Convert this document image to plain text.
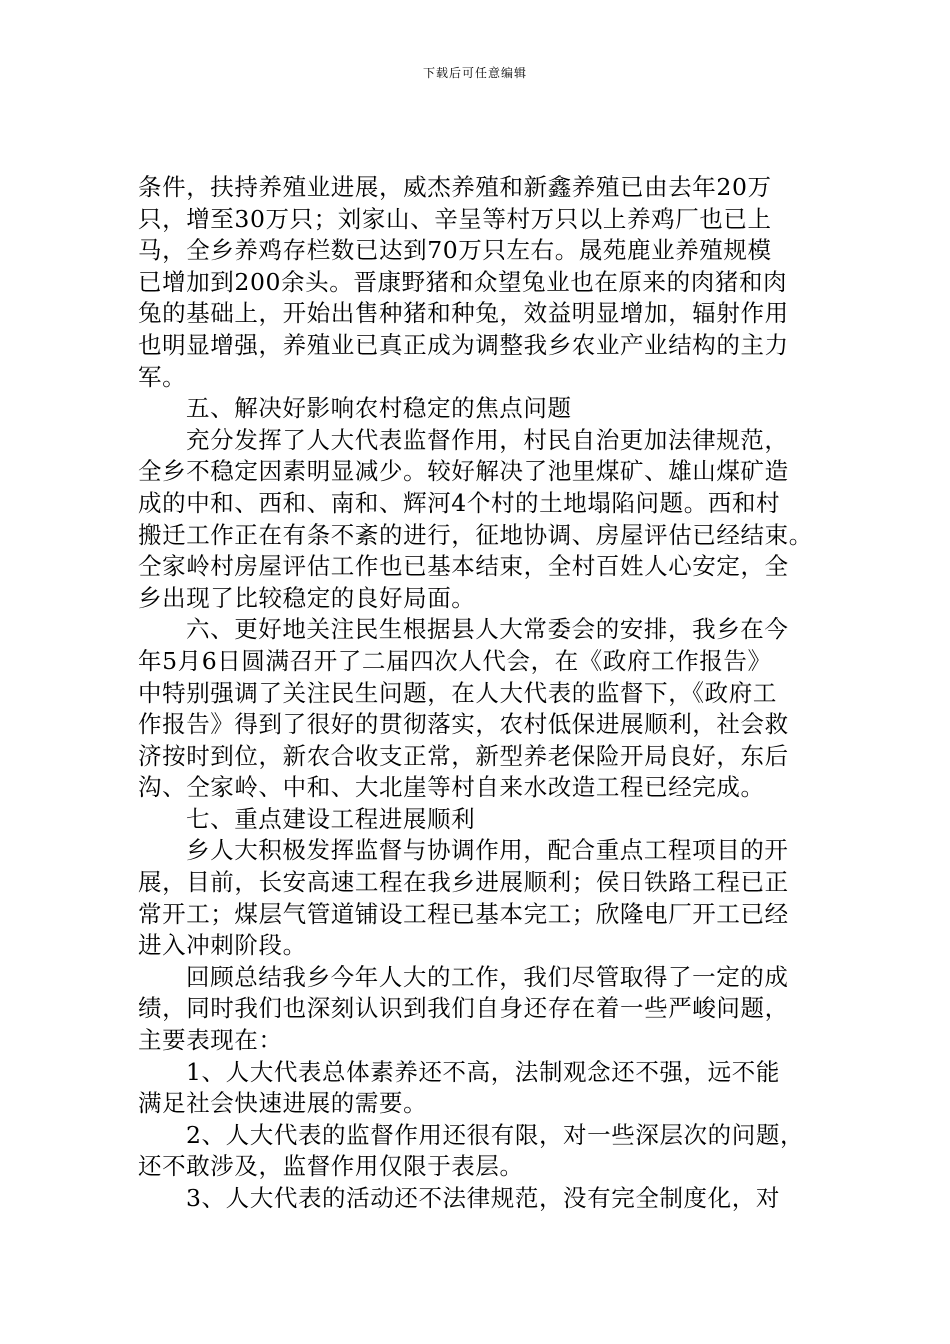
下载后可任意编辑
条件，扶持养殖业进展，威杰养殖和新鑫养殖已由去年20万
只，增至30万只；刘家山、辛呈等村万只以上养鸡厂也已上
马，全乡养鸡存栏数已达到70万只左右。晟苑鹿业养殖规模
已增加到200余头。晋康野猪和众望兔业也在原来的肉猪和肉
兔的基础上，开始出售种猪和种兔，效益明显增加，辐射作用
也明显增强，养殖业已真正成为调整我乡农业产业结构的主力
军。
五、解决好影响农村稳定的焦点问题
充分发挥了人大代表监督作用，村民自治更加法律规范，
全乡不稳定因素明显减少。较好解决了池里煤矿、雄山煤矿造
成的中和、西和、南和、辉河4个村的土地塌陷问题。西和村
搬迁工作正在有条不紊的进行，征地协调、房屋评估已经结束。
仝家岭村房屋评估工作也已基本结束，全村百姓人心安定，全
乡出现了比较稳定的良好局面。
六、更好地关注民生根据县人大常委会的安排，我乡在今
年5月6日圆满召开了二届四次人代会，在《政府工作报告》
中特别强调了关注民生问题，在人大代表的监督下，《政府工
作报告》得到了很好的贯彻落实，农村低保进展顺利，社会救
济按时到位，新农合收支正常，新型养老保险开局良好，东后
沟、仝家岭、中和、大北崖等村自来水改造工程已经完成。
七、重点建设工程进展顺利
乡人大积极发挥监督与协调作用，配合重点工程项目的开
展，目前，长安高速工程在我乡进展顺利；侯日铁路工程已正
常开工；煤层气管道铺设工程已基本完工；欣隆电厂开工已经
进入冲刺阶段。
回顾总结我乡今年人大的工作，我们尽管取得了一定的成
绩，同时我们也深刻认识到我们自身还存在着一些严峻问题，
主要表现在：
1、人大代表总体素养还不高，法制观念还不强，远不能
满足社会快速进展的需要。
2、人大代表的监督作用还很有限，对一些深层次的问题，
还不敢涉及，监督作用仅限于表层。
3、人大代表的活动还不法律规范，没有完全制度化，对
